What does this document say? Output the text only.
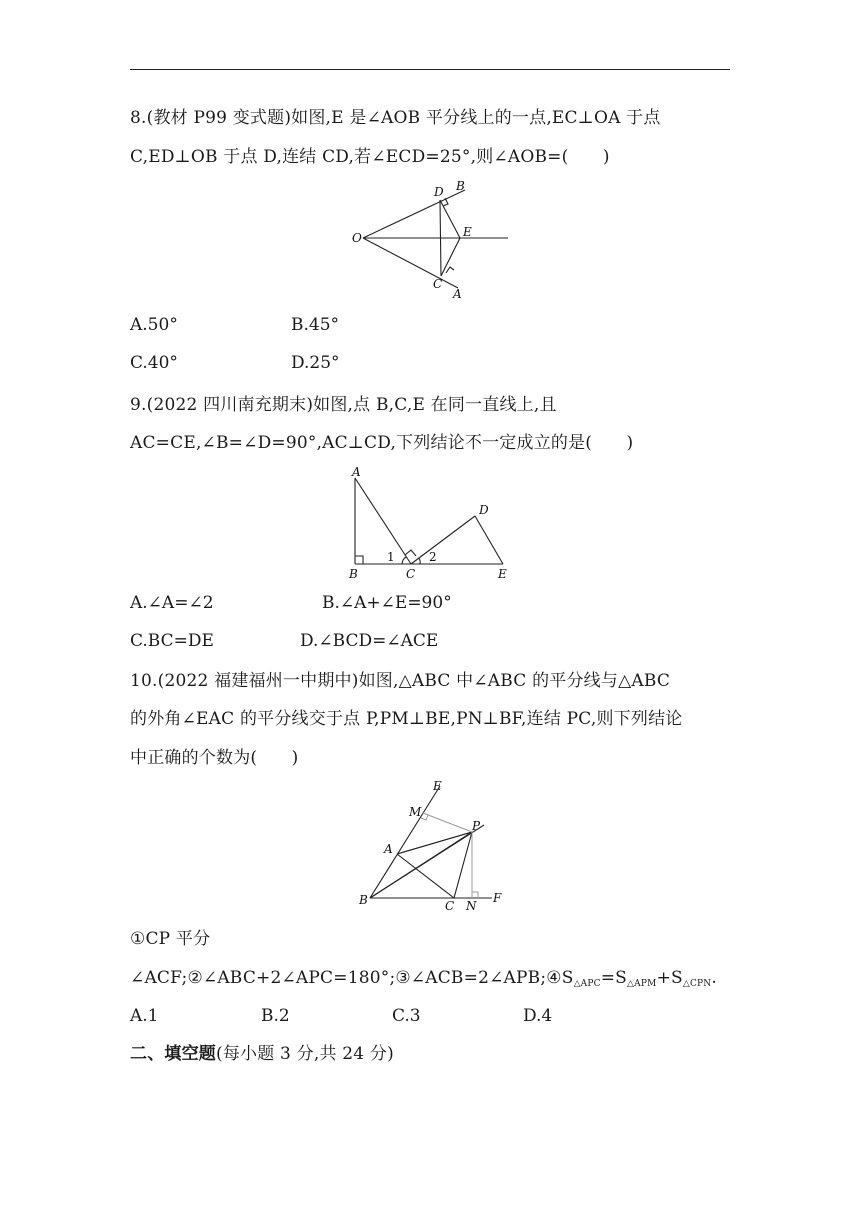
8.(教材 P99 变式题)如图,E 是∠AOB 平分线上的一点,EC⊥OA 于点
C,ED⊥OB 于点 D,连结 CD,若∠ECD=25°,则∠AOB=(　　)
O
B
D
E
C
A
A.50°	B.45°
C.40°	D.25°
9.(2022 四川南充期末)如图,点 B,C,E 在同一直线上,且
AC=CE,∠B=∠D=90°,AC⊥CD,下列结论不一定成立的是(　　)
A
B	C
D
E
1	2
A.∠A=∠2	B.∠A+∠E=90°
C.BC=DE	D.∠BCD=∠ACE
10.(2022 福建福州一中期中)如图,△ABC 中∠ABC 的平分线与△ABC
的外角∠EAC 的平分线交于点 P,PM⊥BE,PN⊥BF,连结 PC,则下列结论
中正确的个数为(　　)
E
M
P
A
B	C N
F
①CP 平分
$\angle ACF;②\angle ABC+2\angle APC=180^\circ;③\angle ACB=2\angle APB;④S_{\triangle APC}=S_{\triangle APM}+S_{\triangle CPN}$.
A.1	B.2	C.3	D.4
二、填空题(每小题 3 分,共 24 分)
